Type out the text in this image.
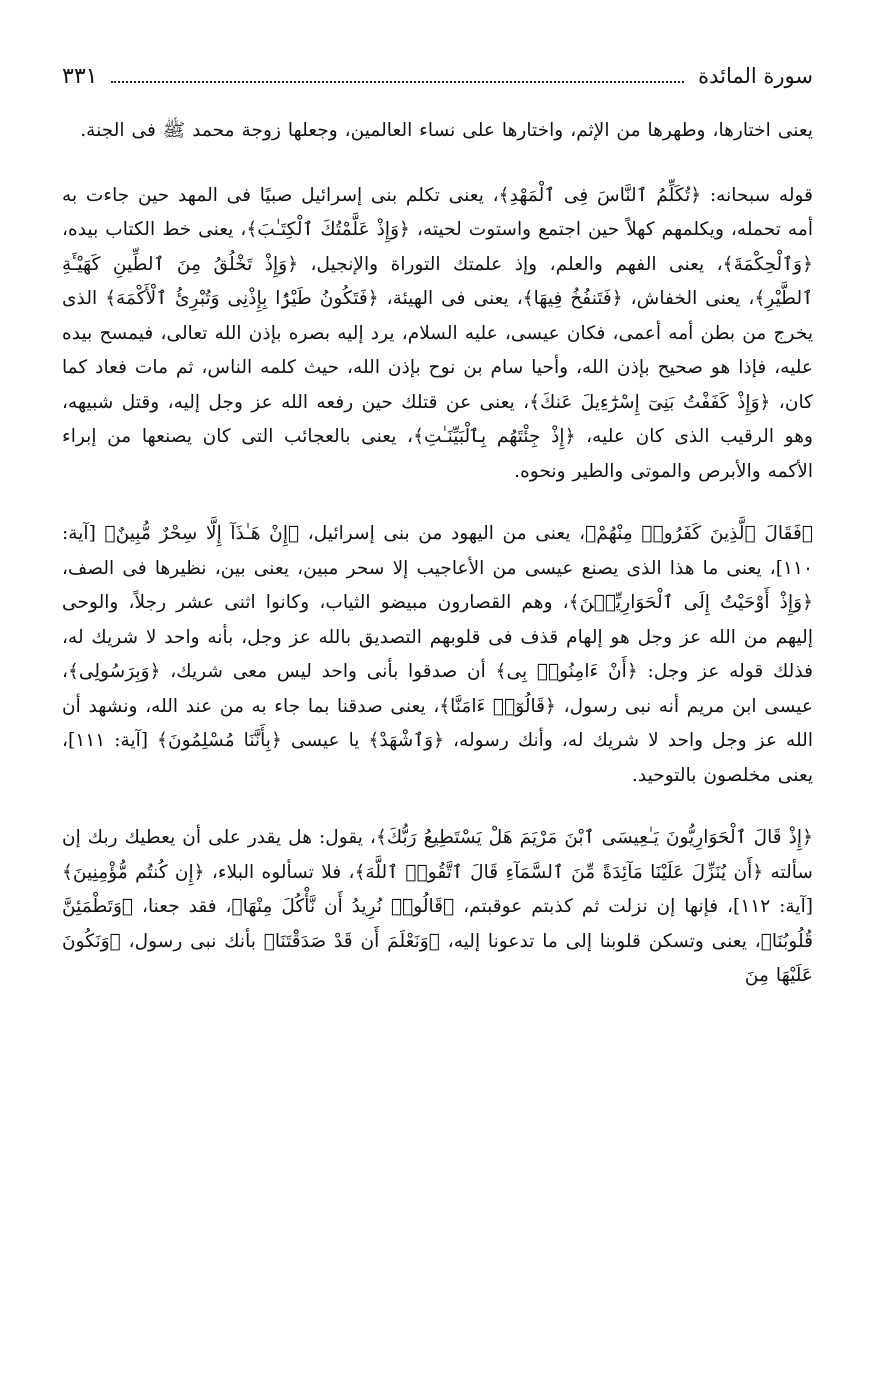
سورة المائدة
٣٣١

يعنى اختارها، وطهرها من الإثم، واختارها على نساء العالمين، وجعلها زوجة محمد ﷺ فى الجنة.

قوله سبحانه: ﴿تُكَلِّمُ ٱلنَّاسَ فِى ٱلْمَهْدِ﴾، يعنى تكلم بنى إسرائيل صبيًا فى المهد حين جاءت به أمه تحمله، ويكلمهم كهلاً حين اجتمع واستوت لحيته، ﴿وَإِذْ عَلَّمْتُكَ ٱلْكِتَـٰبَ﴾، يعنى خط الكتاب بيده، ﴿وَٱلْحِكْمَةَ﴾، يعنى الفهم والعلم، وإذ علمتك التوراة والإنجيل، ﴿وَإِذْ تَخْلُقُ مِنَ ٱلطِّينِ كَهَيْـَٔةِ ٱلطَّيْرِ﴾، يعنى الخفاش، ﴿فَتَنفُخُ فِيهَا﴾، يعنى فى الهيئة، ﴿فَتَكُونُ طَيْرًۢا بِإِذْنِى وَتُبْرِئُ ٱلْأَكْمَهَ﴾ الذى يخرج من بطن أمه أعمى، فكان عيسى، عليه السلام، يرد إليه بصره بإذن الله تعالى، فيمسح بيده عليه، فإذا هو صحيح بإذن الله، وأحيا سام بن نوح بإذن الله، حيث كلمه الناس، ثم مات فعاد كما كان، ﴿وَإِذْ كَفَفْتُ بَنِىٓ إِسْرَٰٓءِيلَ عَنكَ﴾، يعنى عن قتلك حين رفعه الله عز وجل إليه، وقتل شبيهه، وهو الرقيب الذى كان عليه، ﴿إِذْ جِئْتَهُم بِٱلْبَيِّنَـٰتِ﴾، يعنى بالعجائب التى كان يصنعها من إبراء الأكمه والأبرص والموتى والطير ونحوه.

﴿فَقَالَ ٱلَّذِينَ كَفَرُوا۟ مِنْهُمْ﴾، يعنى من اليهود من بنى إسرائيل، ﴿إِنْ هَـٰذَآ إِلَّا سِحْرٌ مُّبِينٌ﴾ [آية: ١١٠]، يعنى ما هذا الذى يصنع عيسى من الأعاجيب إلا سحر مبين، يعنى بين، نظيرها فى الصف، ﴿وَإِذْ أَوْحَيْتُ إِلَى ٱلْحَوَارِيِّـۧنَ﴾، وهم القصارون مبيضو الثياب، وكانوا اثنى عشر رجلاً، والوحى إليهم من الله عز وجل هو إلهام قذف فى قلوبهم التصديق بالله عز وجل، بأنه واحد لا شريك له، فذلك قوله عز وجل: ﴿أَنْ ءَامِنُوا۟ بِى﴾ أن صدقوا بأنى واحد ليس معى شريك، ﴿وَبِرَسُولِى﴾، عيسى ابن مريم أنه نبى رسول، ﴿قَالُوٓا۟ ءَامَنَّا﴾، يعنى صدقنا بما جاء به من عند الله، ونشهد أن الله عز وجل واحد لا شريك له، وأنك رسوله، ﴿وَٱشْهَدْ﴾ يا عيسى ﴿بِأَنَّنَا مُسْلِمُونَ﴾ [آية: ١١١]، يعنى مخلصون بالتوحيد.

﴿إِذْ قَالَ ٱلْحَوَارِيُّونَ يَـٰعِيسَى ٱبْنَ مَرْيَمَ هَلْ يَسْتَطِيعُ رَبُّكَ﴾، يقول: هل يقدر على أن يعطيك ربك إن سألته ﴿أَن يُنَزِّلَ عَلَيْنَا مَآئِدَةً مِّنَ ٱلسَّمَآءِ قَالَ ٱتَّقُوا۟ ٱللَّهَ﴾، فلا تسألوه البلاء، ﴿إِن كُنتُم مُّؤْمِنِينَ﴾ [آية: ١١٢]، فإنها إن نزلت ثم كذبتم عوقبتم، ﴿قَالُوا۟ نُرِيدُ أَن نَّأْكُلَ مِنْهَا﴾، فقد جعنا، ﴿وَتَطْمَئِنَّ قُلُوبُنَا﴾، يعنى وتسكن قلوبنا إلى ما تدعونا إليه، ﴿وَنَعْلَمَ أَن قَدْ صَدَقْتَنَا﴾ بأنك نبى رسول، ﴿وَنَكُونَ عَلَيْهَا مِنَ
